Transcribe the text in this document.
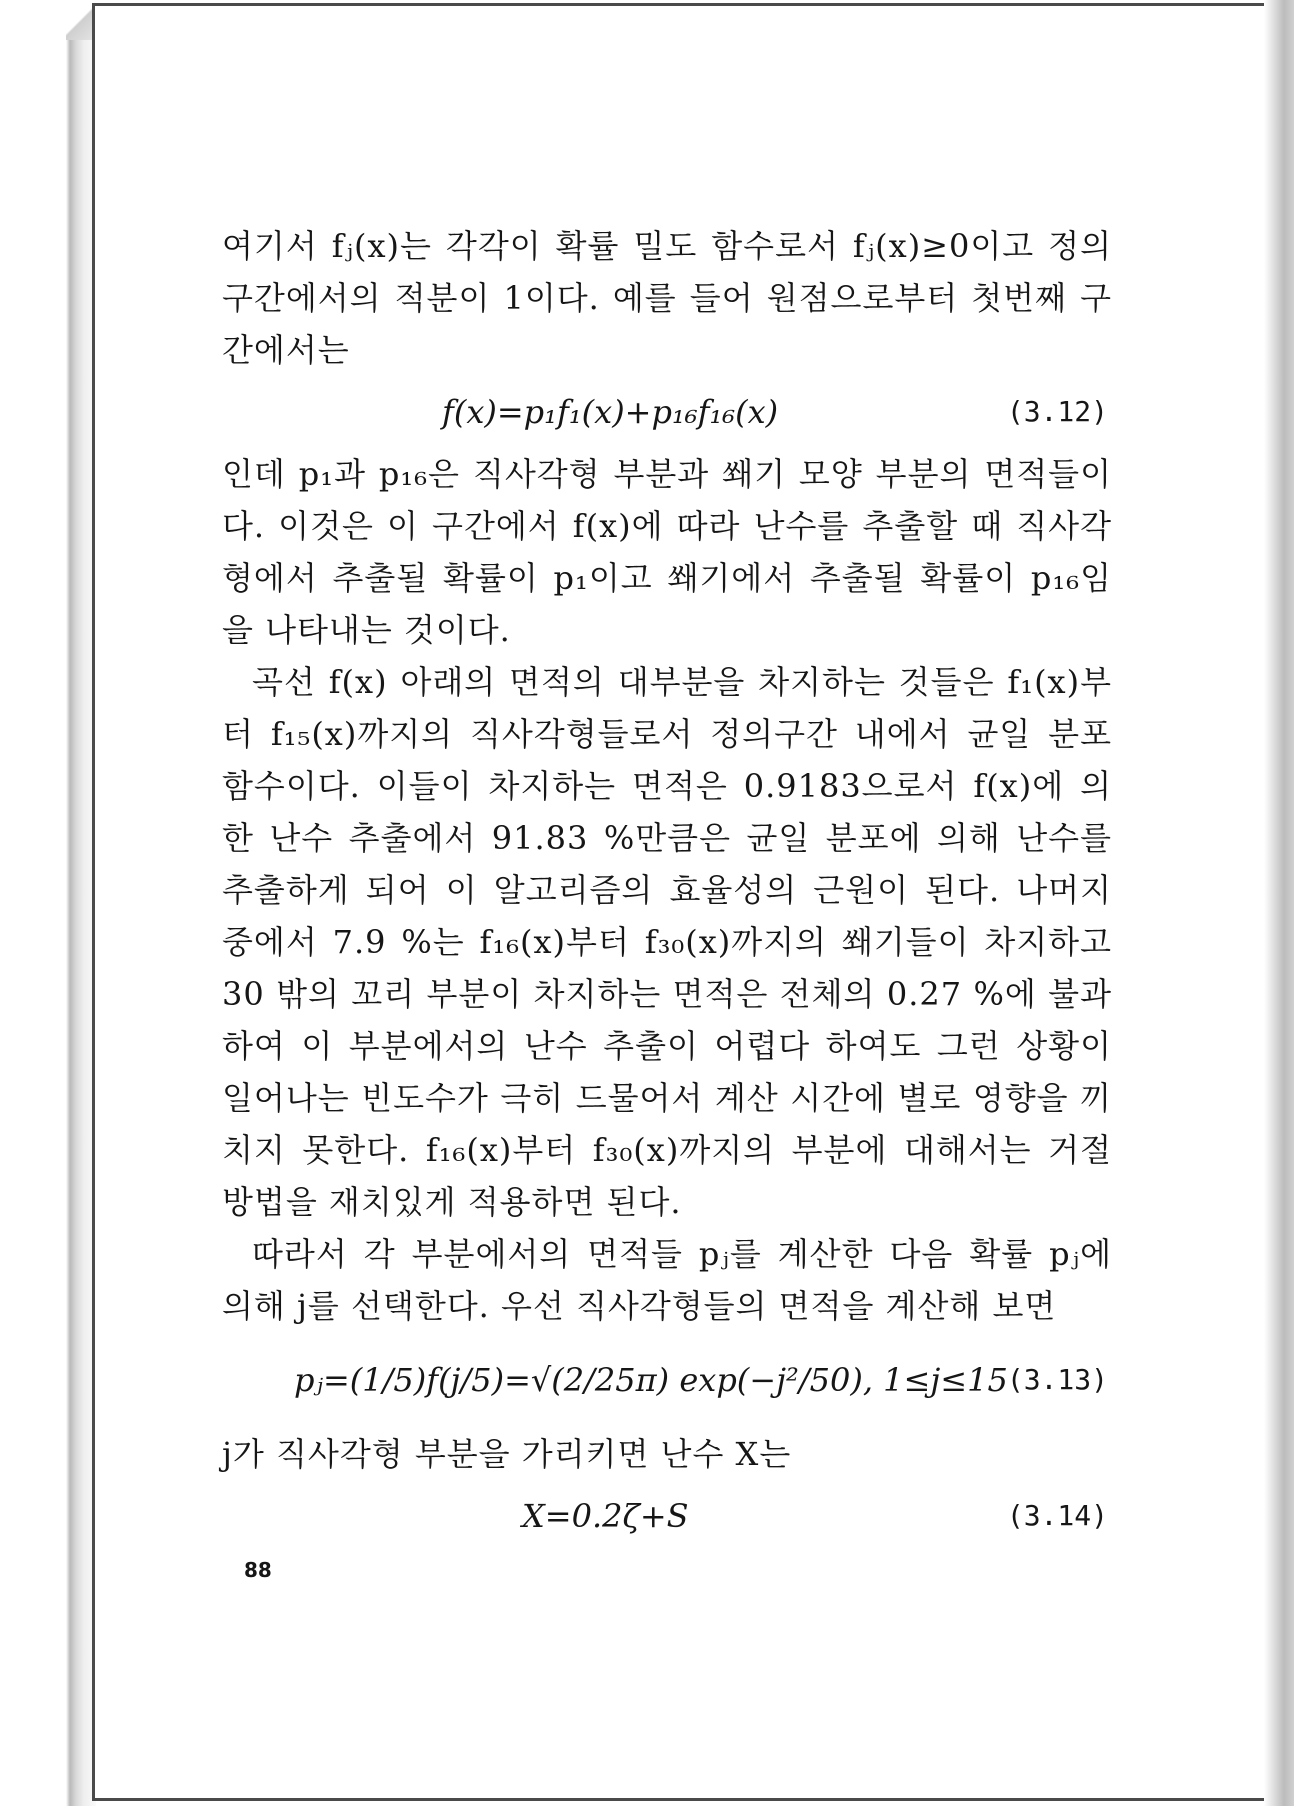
여기서 fⱼ(x)는 각각이 확률 밀도 함수로서 fⱼ(x)≥0이고 정의 구간에서의 적분이 1이다. 예를 들어 원점으로부터 첫번째 구간에서는

f(x)=p₁f₁(x)+p₁₆f₁₆(x)	(3.12)

인데 p₁과 p₁₆은 직사각형 부분과 쐐기 모양 부분의 면적들이다. 이것은 이 구간에서 f(x)에 따라 난수를 추출할 때 직사각형에서 추출될 확률이 p₁이고 쐐기에서 추출될 확률이 p₁₆임을 나타내는 것이다.

곡선 f(x) 아래의 면적의 대부분을 차지하는 것들은 f₁(x)부터 f₁₅(x)까지의 직사각형들로서 정의구간 내에서 균일 분포 함수이다. 이들이 차지하는 면적은 0.9183으로서 f(x)에 의한 난수 추출에서 91.83 %만큼은 균일 분포에 의해 난수를 추출하게 되어 이 알고리즘의 효율성의 근원이 된다. 나머지 중에서 7.9 %는 f₁₆(x)부터 f₃₀(x)까지의 쐐기들이 차지하고 30 밖의 꼬리 부분이 차지하는 면적은 전체의 0.27 %에 불과하여 이 부분에서의 난수 추출이 어렵다 하여도 그런 상황이 일어나는 빈도수가 극히 드물어서 계산 시간에 별로 영향을 끼치지 못한다. f₁₆(x)부터 f₃₀(x)까지의 부분에 대해서는 거절 방법을 재치있게 적용하면 된다.

따라서 각 부분에서의 면적들 pⱼ를 계산한 다음 확률 pⱼ에 의해 j를 선택한다. 우선 직사각형들의 면적을 계산해 보면

pⱼ=(1/5)f(j/5)=√(2/25π) exp(−j²/50), 1≤j≤15 (3.13)

j가 직사각형 부분을 가리키면 난수 X는

X=0.2ζ+S	(3.14)
88
